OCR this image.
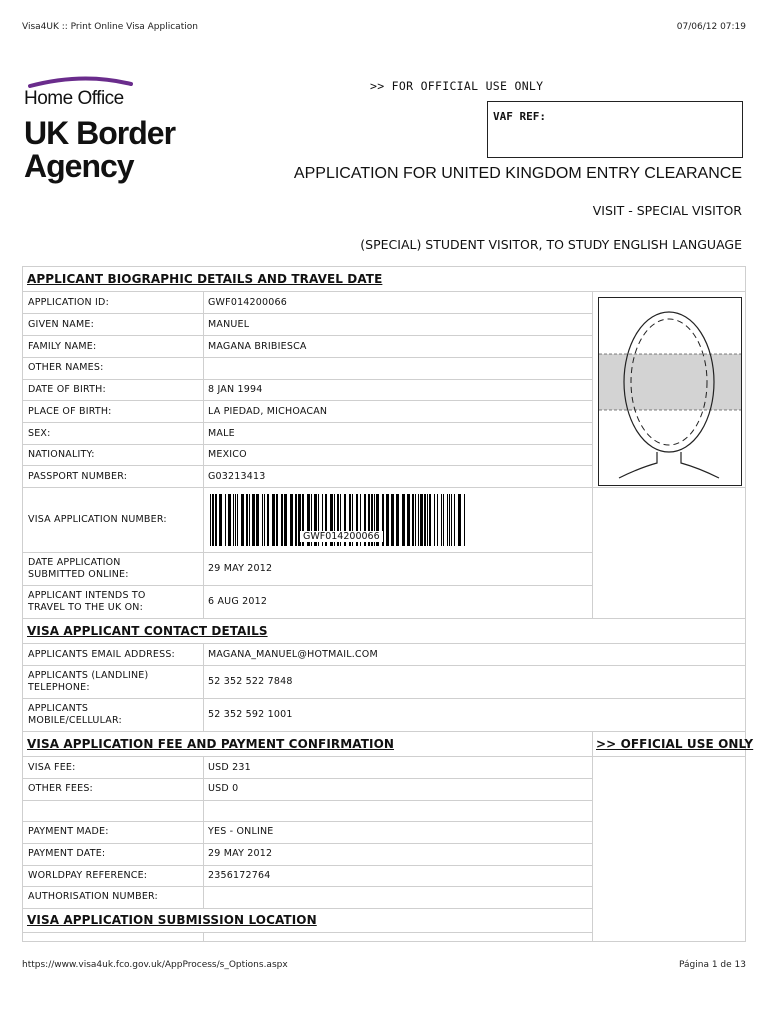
Visa4UK :: Print Online Visa Application	07/06/12 07:19
Home Office
UK Border
Agency
>> FOR OFFICIAL USE ONLY
VAF REF:
APPLICATION FOR UNITED KINGDOM ENTRY CLEARANCE
VISIT - SPECIAL VISITOR
(SPECIAL) STUDENT VISITOR, TO STUDY ENGLISH LANGUAGE
APPLICANT BIOGRAPHIC DETAILS AND TRAVEL DATE
APPLICATION ID:	GWF014200066
GIVEN NAME:	MANUEL
FAMILY NAME:	MAGANA BRIBIESCA
OTHER NAMES:
DATE OF BIRTH:	8 JAN 1994
PLACE OF BIRTH:	LA PIEDAD, MICHOACAN
SEX:	MALE
NATIONALITY:	MEXICO
PASSPORT NUMBER:	G03213413
VISA APPLICATION NUMBER:
GWF014200066
DATE APPLICATION
SUBMITTED ONLINE:
29 MAY 2012
APPLICANT INTENDS TO
TRAVEL TO THE UK ON:
6 AUG 2012
VISA APPLICANT CONTACT DETAILS
APPLICANTS EMAIL ADDRESS:	MAGANA_MANUEL@HOTMAIL.COM
APPLICANTS (LANDLINE)
TELEPHONE:
52 352 522 7848
APPLICANTS
MOBILE/CELLULAR:
52 352 592 1001
VISA APPLICATION FEE AND PAYMENT CONFIRMATION	>> OFFICIAL USE ONLY
VISA FEE:	USD 231
OTHER FEES:	USD 0
PAYMENT MADE:	YES - ONLINE
PAYMENT DATE:	29 MAY 2012
WORLDPAY REFERENCE:	2356172764
AUTHORISATION NUMBER:
VISA APPLICATION SUBMISSION LOCATION
https://www.visa4uk.fco.gov.uk/AppProcess/s_Options.aspx	Página 1 de 13
